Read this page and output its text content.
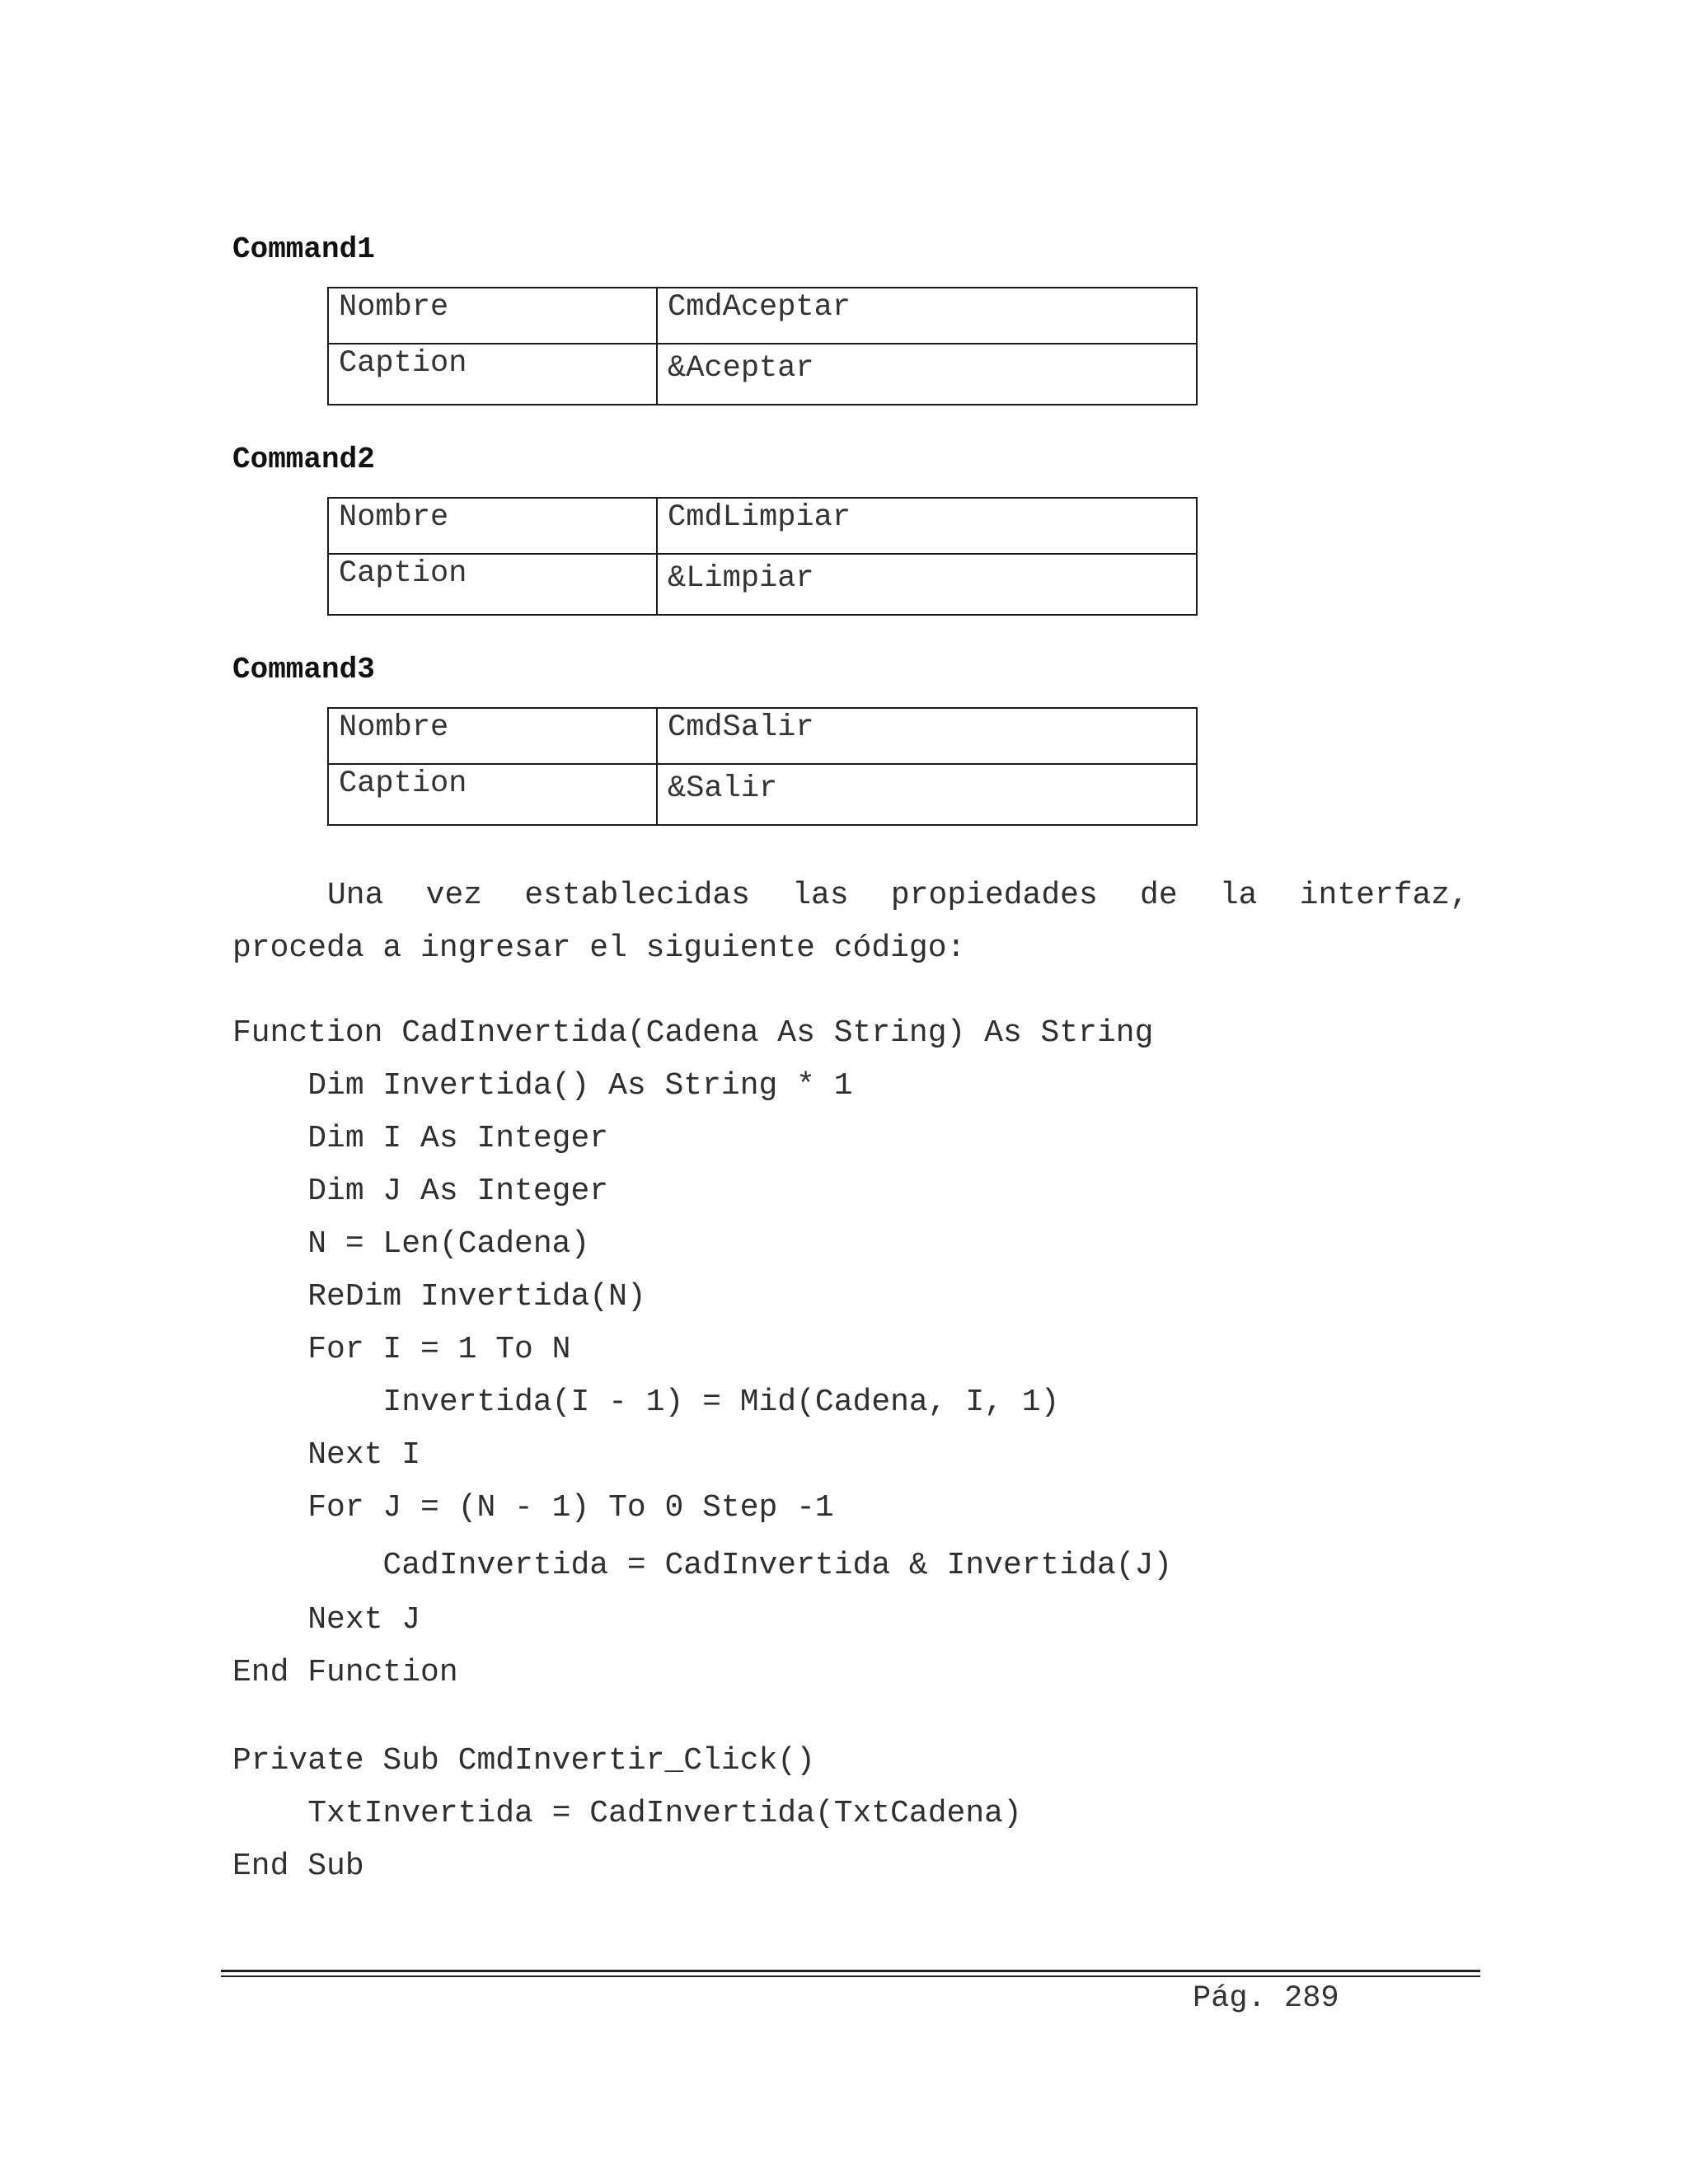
Command1
Nombre	CmdAceptar
Caption	&Aceptar
Command2
Nombre	CmdLimpiar
Caption	&Limpiar
Command3
Nombre	CmdSalir
Caption	&Salir
Una vez establecidas las propiedades de la interfaz,
proceda a ingresar el siguiente código:

Function CadInvertida(Cadena As String) As String

Dim Invertida() As String * 1

Dim I As Integer

Dim J As Integer

N = Len(Cadena)

ReDim Invertida(N)

For I = 1 To N

Invertida(I - 1) = Mid(Cadena, I, 1)

Next I

For J = (N - 1) To 0 Step -1

CadInvertida = CadInvertida & Invertida(J)

Next J

End Function

Private Sub CmdInvertir_Click()

TxtInvertida = CadInvertida(TxtCadena)

End Sub

Pág. 289
